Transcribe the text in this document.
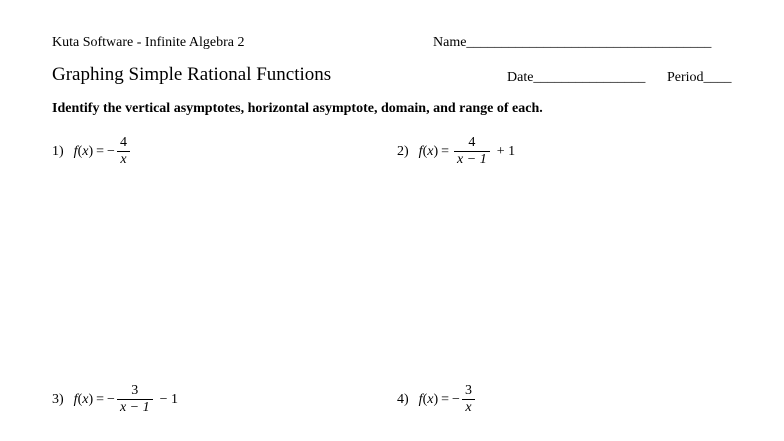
Kuta Software - Infinite Algebra 2	Name___________________________________
Graphing Simple Rational Functions	Date________________ Period____
Identify the vertical asymptotes, horizontal asymptote, domain, and range of each.
1) f ( x ) = − $\frac{4}{x}$	2) f ( x ) = $\frac{4}{x - 1} + 1$
3) f ( x ) = − $\frac{3}{x - 1} - 1$	4) f ( x ) = − $\frac{3}{x}$
